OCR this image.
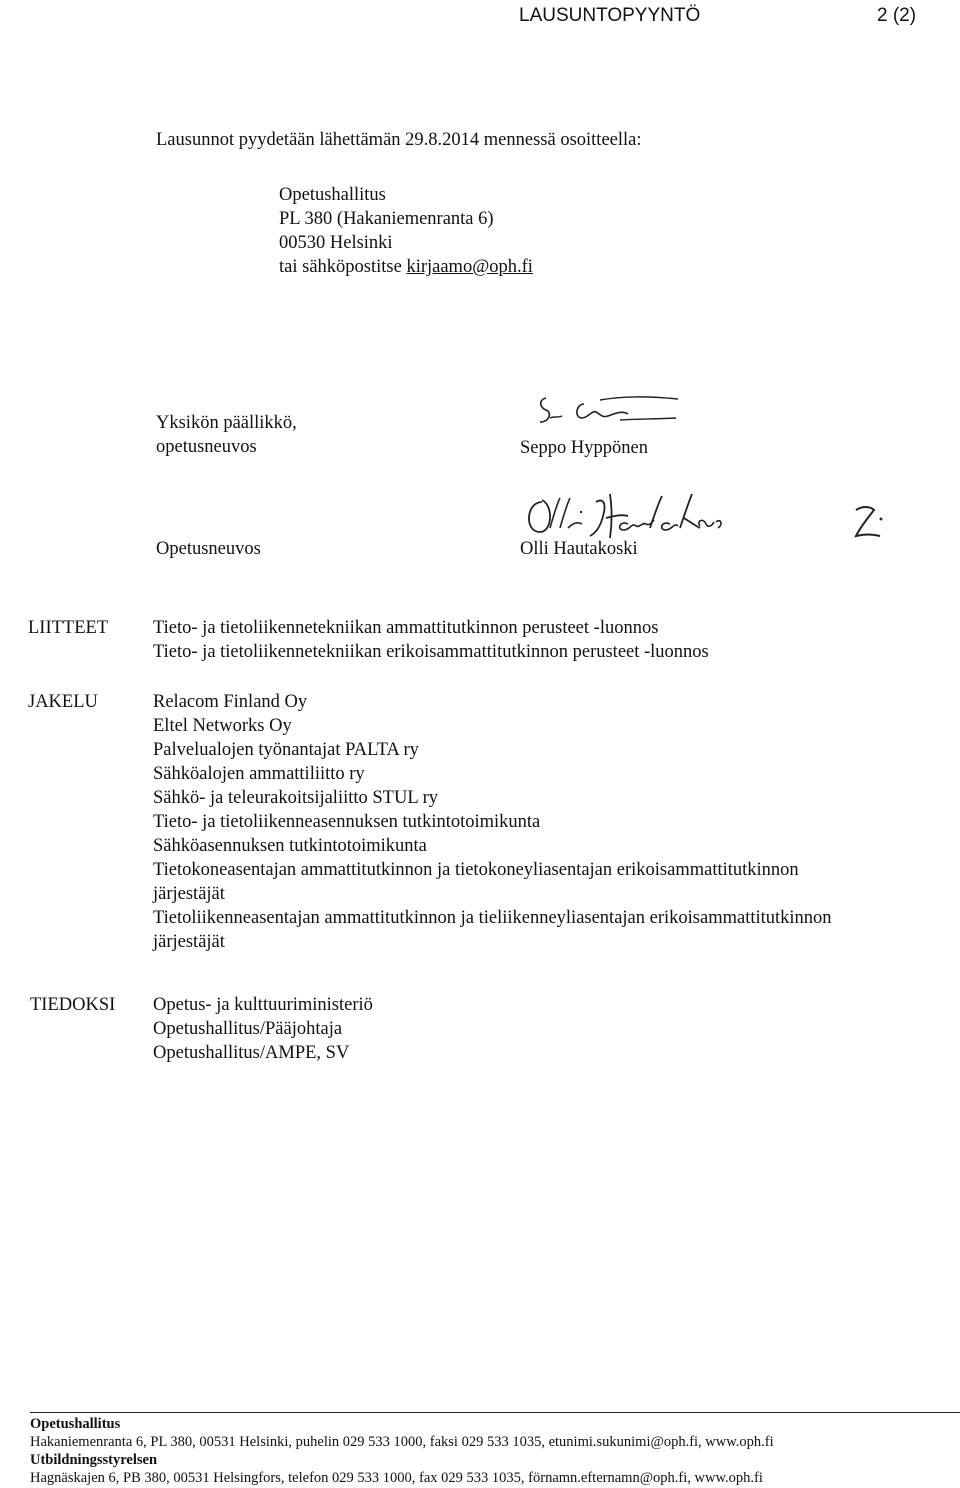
LAUSUNTOPYYNTÖ	2 (2)
Lausunnot pyydetään lähettämän 29.8.2014 mennessä osoitteella:
Opetushallitus
PL 380 (Hakaniemenranta 6)
00530 Helsinki
tai sähköpostitse kirjaamo@oph.fi
Yksikön päällikkö,
opetusneuvos	Seppo Hyppönen
Opetusneuvos	Olli Hautakoski
LIITTEET Tieto- ja tietoliikennetekniikan ammattitutkinnon perusteet -luonnos
Tieto- ja tietoliikennetekniikan erikoisammattitutkinnon perusteet -luonnos
JAKELU	Relacom Finland Oy
Eltel Networks Oy
Palvelualojen työnantajat PALTA ry
Sähköalojen ammattiliitto ry
Sähkö- ja teleurakoitsijaliitto STUL ry
Tieto- ja tietoliikenneasennuksen tutkintotoimikunta
Sähköasennuksen tutkintotoimikunta
Tietokoneasentajan ammattitutkinnon ja tietokoneyliasentajan erikoisammattitutkinnon
järjestäjät
Tietoliikenneasentajan ammattitutkinnon ja tieliikenneyliasentajan erikoisammattitutkinnon
järjestäjät
TIEDOKSI Opetus- ja kulttuuriministeriö
Opetushallitus/Pääjohtaja
Opetushallitus/AMPE, SV
Opetushallitus
Hakaniemenranta 6, PL 380, 00531 Helsinki, puhelin 029 533 1000, faksi 029 533 1035, etunimi.sukunimi@oph.fi, www.oph.fi
Utbildningsstyrelsen
Hagnäskajen 6, PB 380, 00531 Helsingfors, telefon 029 533 1000, fax 029 533 1035, förnamn.efternamn@oph.fi, www.oph.fi
